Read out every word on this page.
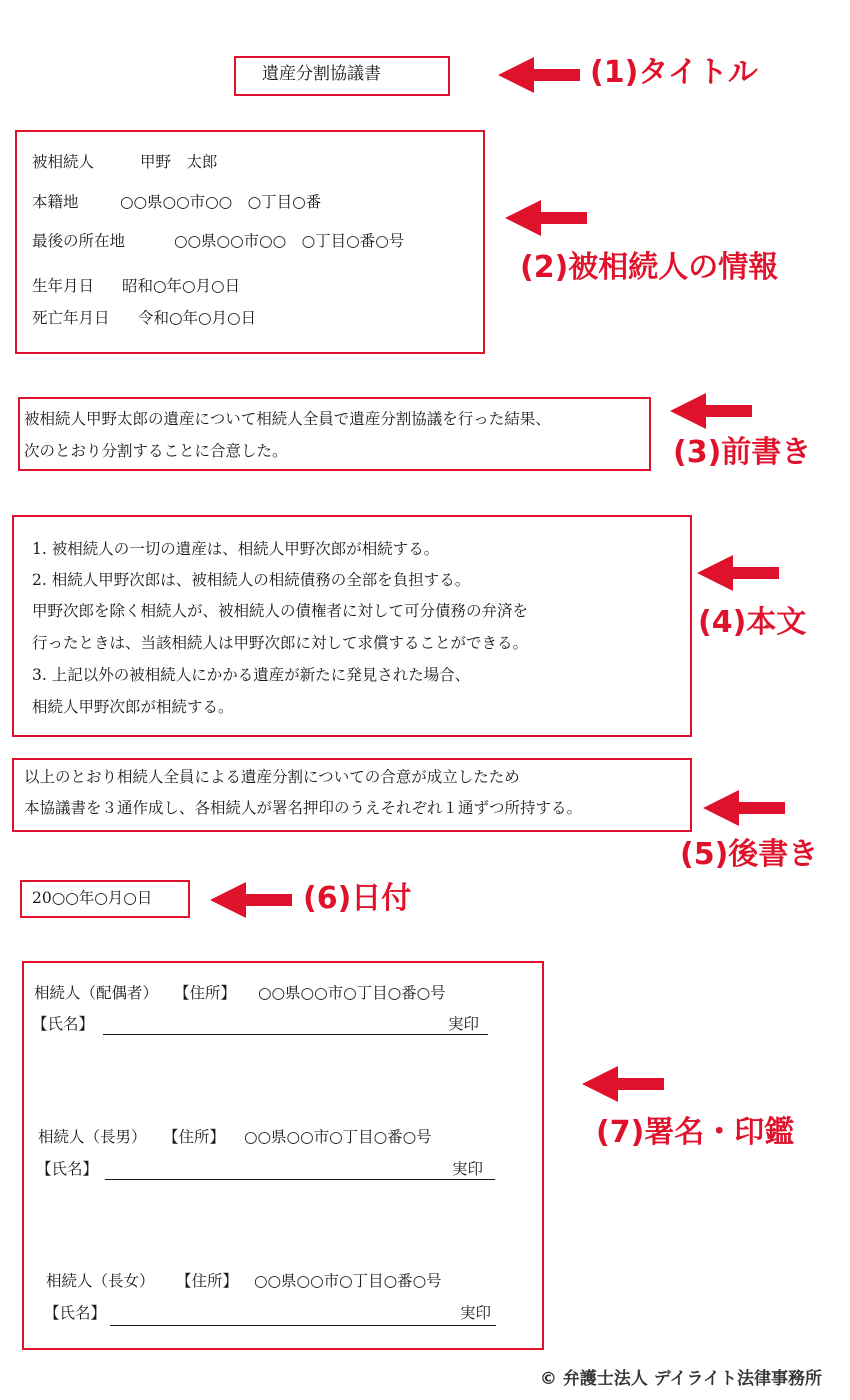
遺産分割協議書	(1)タイトル
被相続人	甲野　太郎
本籍地	○○県○○市○○　○丁目○番
最後の所在地	○○県○○市○○　○丁目○番○号
生年月日 昭和○年○月○日
死亡年月日 令和○年○月○日
(2)被相続人の情報
被相続人甲野太郎の遺産について相続人全員で遺産分割協議を行った結果、
次のとおり分割することに合意した。	(3)前書き
1. 被相続人の一切の遺産は、相続人甲野次郎が相続する。
2. 相続人甲野次郎は、被相続人の相続債務の全部を負担する。
甲野次郎を除く相続人が、被相続人の債権者に対して可分債務の弁済を
行ったときは、当該相続人は甲野次郎に対して求償することができる。
3. 上記以外の被相続人にかかる遺産が新たに発見された場合、
相続人甲野次郎が相続する。
(4)本文
以上のとおり相続人全員による遺産分割についての合意が成立したため
本協議書を３通作成し、各相続人が署名押印のうえそれぞれ１通ずつ所持する。
(5)後書き
20○○年○月○日	(6)日付
相続人（配偶者） 【住所】 ○○県○○市○丁目○番○号
【氏名】	実印
相続人（長男） 【住所】 ○○県○○市○丁目○番○号
【氏名】	実印
相続人（長女） 【住所】 ○○県○○市○丁目○番○号
【氏名】	実印
(7)署名・印鑑
© 弁護士法人 デイライト法律事務所
